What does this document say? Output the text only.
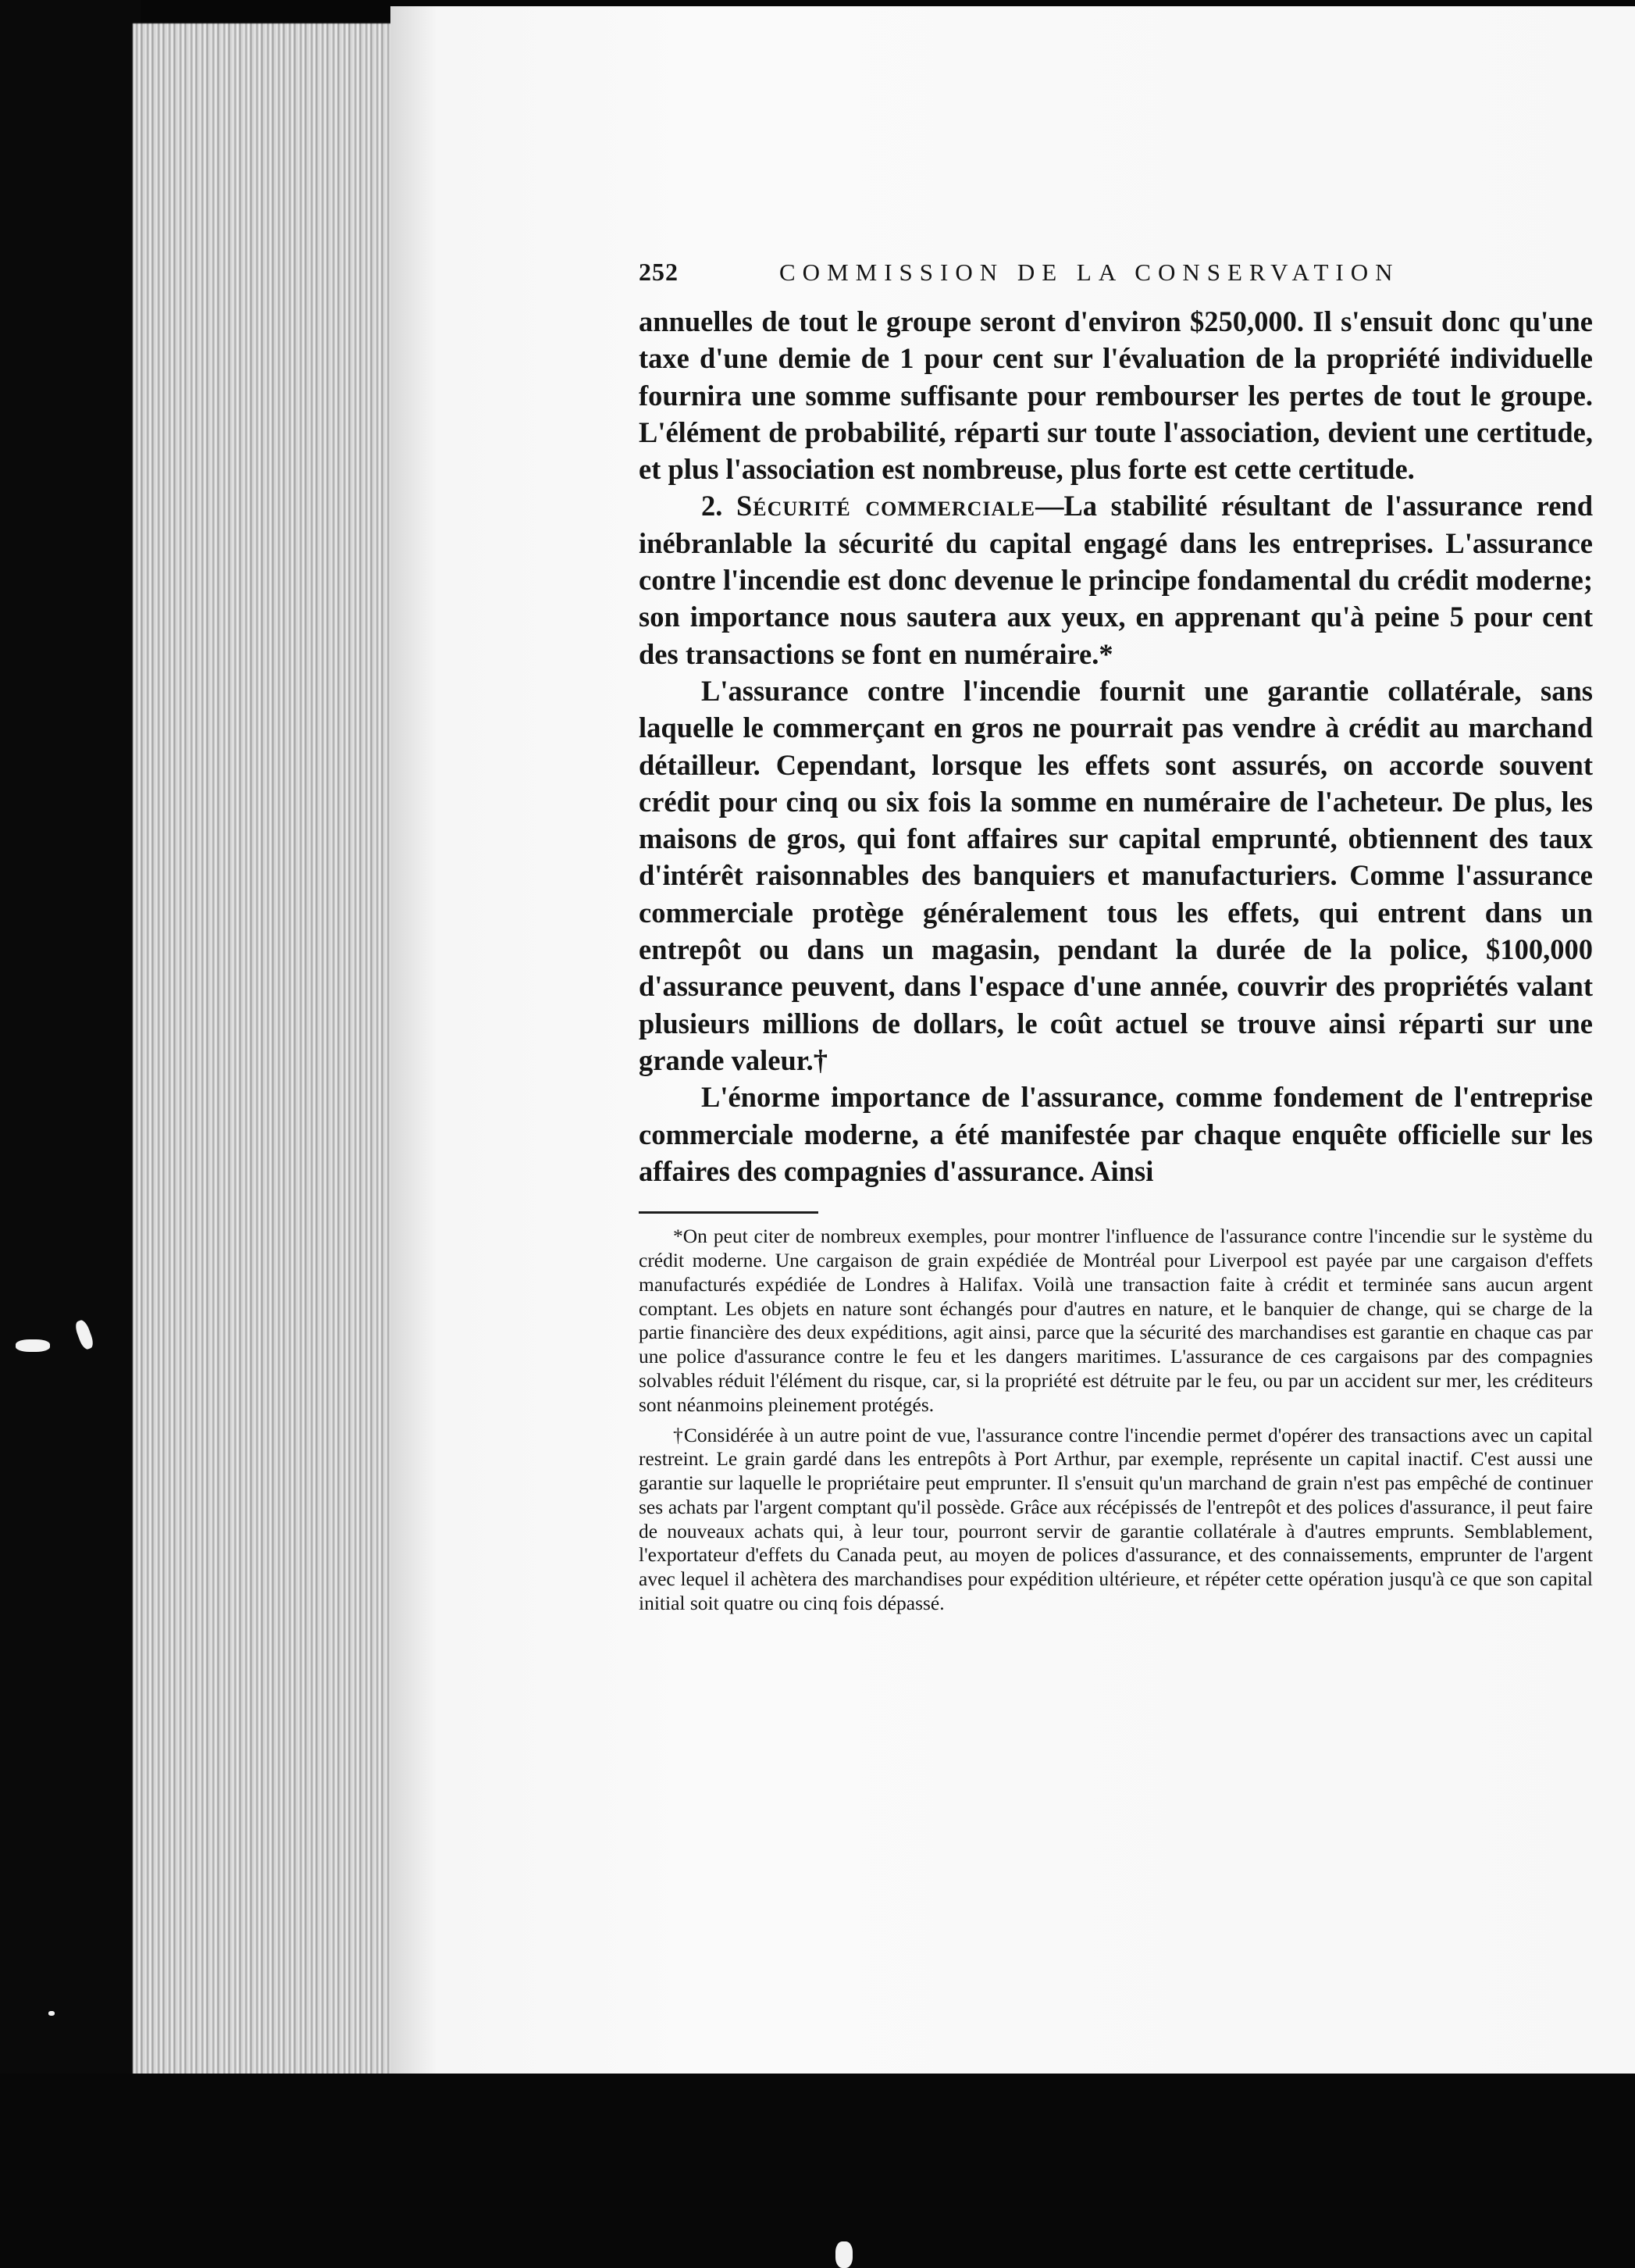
252	COMMISSION DE LA CONSERVATION

annuelles de tout le groupe seront d'environ $250,000. Il s'ensuit donc qu'une taxe d'une demie de 1 pour cent sur l'évaluation de la propriété individuelle fournira une somme suffisante pour rembourser les pertes de tout le groupe. L'élément de probabilité, réparti sur toute l'association, devient une certitude, et plus l'association est nombreuse, plus forte est cette certitude.

2. Sécurité commerciale—La stabilité résultant de l'assurance rend inébranlable la sécurité du capital engagé dans les entreprises. L'assurance contre l'incendie est donc devenue le principe fondamental du crédit moderne; son importance nous sautera aux yeux, en apprenant qu'à peine 5 pour cent des transactions se font en numéraire.*

L'assurance contre l'incendie fournit une garantie collatérale, sans laquelle le commerçant en gros ne pourrait pas vendre à crédit au marchand détailleur. Cependant, lorsque les effets sont assurés, on accorde souvent crédit pour cinq ou six fois la somme en numéraire de l'acheteur. De plus, les maisons de gros, qui font affaires sur capital emprunté, obtiennent des taux d'intérêt raisonnables des banquiers et manufacturiers. Comme l'assurance commerciale protège généralement tous les effets, qui entrent dans un entrepôt ou dans un magasin, pendant la durée de la police, $100,000 d'assurance peuvent, dans l'espace d'une année, couvrir des propriétés valant plusieurs millions de dollars, le coût actuel se trouve ainsi réparti sur une grande valeur.†

L'énorme importance de l'assurance, comme fondement de l'entreprise commerciale moderne, a été manifestée par chaque enquête officielle sur les affaires des compagnies d'assurance. Ainsi

*On peut citer de nombreux exemples, pour montrer l'influence de l'assurance contre l'incendie sur le système du crédit moderne. Une cargaison de grain expédiée de Montréal pour Liverpool est payée par une cargaison d'effets manufacturés expédiée de Londres à Halifax. Voilà une transaction faite à crédit et terminée sans aucun argent comptant. Les objets en nature sont échangés pour d'autres en nature, et le banquier de change, qui se charge de la partie financière des deux expéditions, agit ainsi, parce que la sécurité des marchandises est garantie en chaque cas par une police d'assurance contre le feu et les dangers maritimes. L'assurance de ces cargaisons par des compagnies solvables réduit l'élément du risque, car, si la propriété est détruite par le feu, ou par un accident sur mer, les créditeurs sont néanmoins pleinement protégés.

†Considérée à un autre point de vue, l'assurance contre l'incendie permet d'opérer des transactions avec un capital restreint. Le grain gardé dans les entrepôts à Port Arthur, par exemple, représente un capital inactif. C'est aussi une garantie sur laquelle le propriétaire peut emprunter. Il s'ensuit qu'un marchand de grain n'est pas empêché de continuer ses achats par l'argent comptant qu'il possède. Grâce aux récépissés de l'entrepôt et des polices d'assurance, il peut faire de nouveaux achats qui, à leur tour, pourront servir de garantie collatérale à d'autres emprunts. Semblablement, l'exportateur d'effets du Canada peut, au moyen de polices d'assurance, et des connaissements, emprunter de l'argent avec lequel il achètera des marchandises pour expédition ultérieure, et répéter cette opération jusqu'à ce que son capital initial soit quatre ou cinq fois dépassé.
